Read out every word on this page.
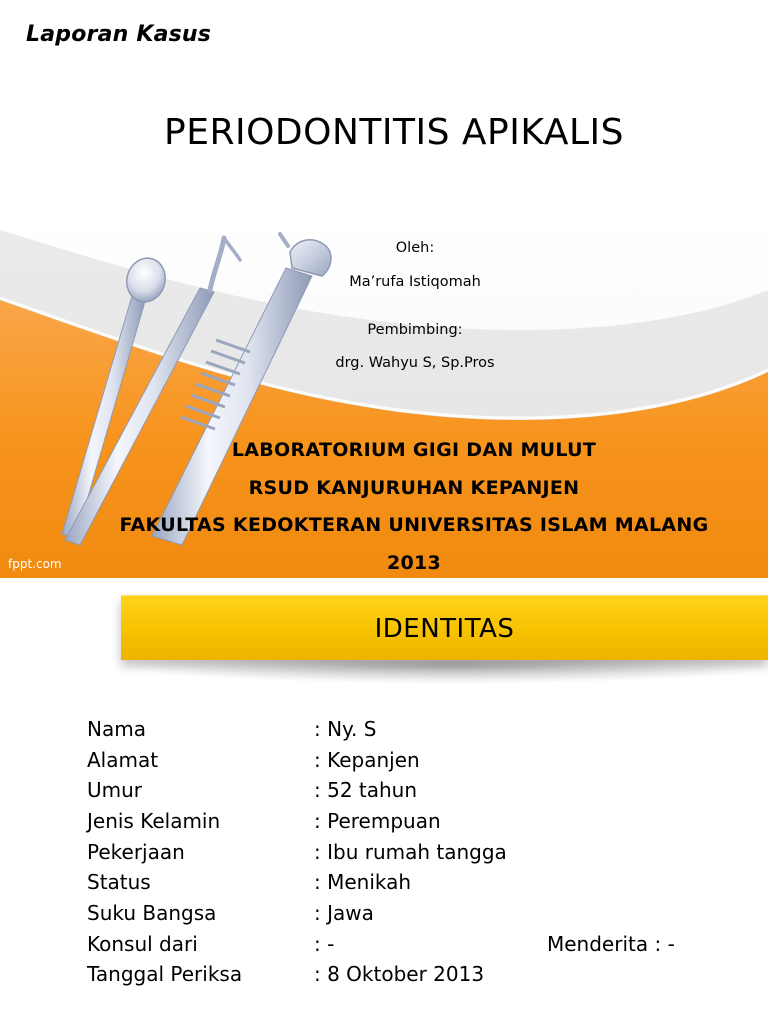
Laporan Kasus
PERIODONTITIS APIKALIS
Oleh:
Ma’rufa Istiqomah
Pembimbing:
drg. Wahyu S, Sp.Pros
LABORATORIUM GIGI DAN MULUT
RSUD KANJURUHAN KEPANJEN
FAKULTAS KEDOKTERAN UNIVERSITAS ISLAM MALANG
2013
fppt.com
IDENTITAS
Nama	: Ny. S
Alamat	: Kepanjen
Umur	: 52 tahun
Jenis Kelamin	: Perempuan
Pekerjaan	: Ibu rumah tangga
Status	: Menikah
Suku Bangsa	: Jawa
Konsul dari	: -	Menderita : -
Tanggal Periksa	: 8 Oktober 2013
